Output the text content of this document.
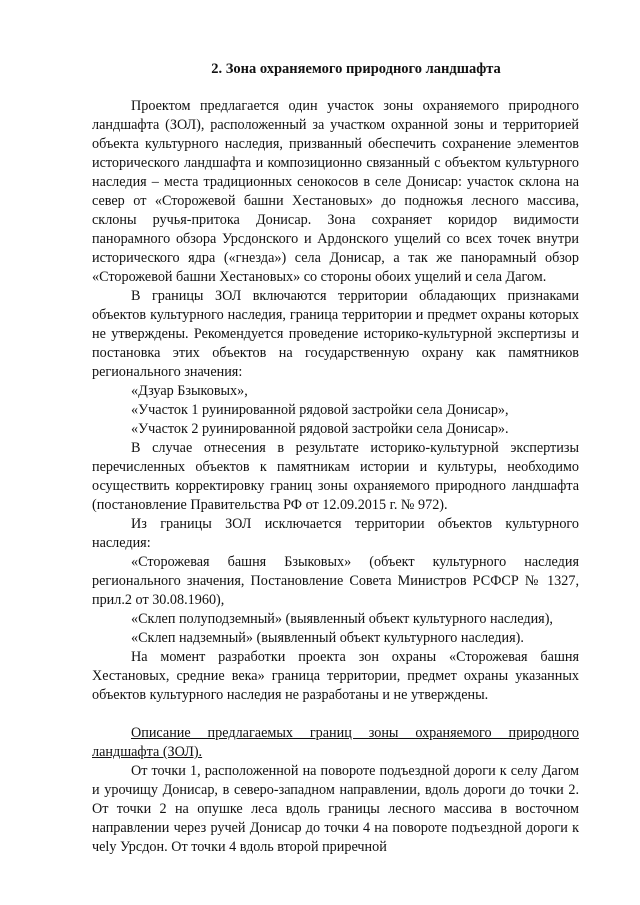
2. Зона охраняемого природного ландшафта

Проектом предлагается один участок зоны охраняемого природного ландшафта (ЗОЛ), расположенный за участком охранной зоны и территорией объекта культурного наследия, призванный обеспечить сохранение элементов исторического ландшафта и композиционно связанный с объектом культурного наследия – места традиционных сенокосов в селе Донисар: участок склона на север от «Сторожевой башни Хестановых» до подножья лесного массива, склоны ручья-притока Донисар. Зона сохраняет коридор видимости панорамного обзора Урсдонского и Ардонского ущелий со всех точек внутри исторического ядра («гнезда») села Донисар, а так же панорамный обзор «Сторожевой башни Хестановых» со стороны обоих ущелий и села Дагом.

В границы ЗОЛ включаются территории обладающих признаками объектов культурного наследия, граница территории и предмет охраны которых не утверждены. Рекомендуется проведение историко-культурной экспертизы и постановка этих объектов на государственную охрану как памятников регионального значения:

«Дзуар Бзыковых»,

«Участок 1 руинированной рядовой застройки села Донисар»,

«Участок 2 руинированной рядовой застройки села Донисар».

В случае отнесения в результате историко-культурной экспертизы перечисленных объектов к памятникам истории и культуры, необходимо осуществить корректировку границ зоны охраняемого природного ландшафта (постановление Правительства РФ от 12.09.2015 г. № 972).

Из границы ЗОЛ исключается территории объектов культурного наследия:

«Сторожевая башня Бзыковых» (объект культурного наследия регионального значения, Постановление Совета Министров РСФСР № 1327, прил.2 от 30.08.1960),

«Склеп полуподземный» (выявленный объект культурного наследия),

«Склеп надземный» (выявленный объект культурного наследия).

На момент разработки проекта зон охраны «Сторожевая башня Хестановых, средние века» граница территории, предмет охраны указанных объектов культурного наследия не разработаны и не утверждены.

Описание предлагаемых границ зоны охраняемого природного ландшафта (ЗОЛ).

От точки 1, расположенной на повороте подъездной дороги к селу Дагом и урочищу Донисар, в северо-западном направлении, вдоль дороги до точки 2. От точки 2 на опушке леса вдоль границы лесного массива в восточном направлении через ручей Донисар до точки 4 на повороте подъездной дороги к чelу Урсдон. От точки 4 вдоль второй приречной
